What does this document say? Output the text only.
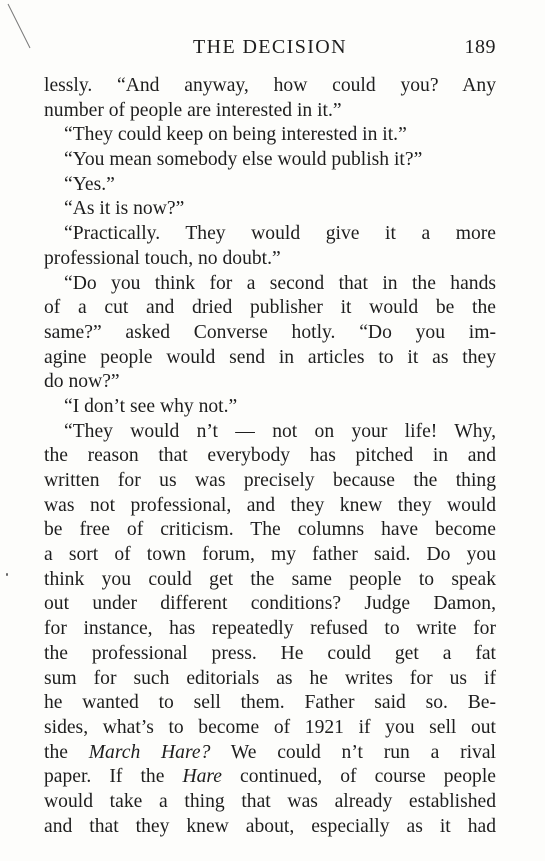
THE DECISION	189
lessly. “And anyway, how could you? Any
number of people are interested in it.”
“They could keep on being interested in it.”
“You mean somebody else would publish it?”
“Yes.”
“As it is now?”
“Practically. They would give it a more
professional touch, no doubt.”
“Do you think for a second that in the hands
of a cut and dried publisher it would be the
same?” asked Converse hotly. “Do you im-
agine people would send in articles to it as they
do now?”
“I don’t see why not.”
“They would n’t — not on your life! Why,
the reason that everybody has pitched in and
written for us was precisely because the thing
was not professional, and they knew they would
be free of criticism. The columns have become
a sort of town forum, my father said. Do you
think you could get the same people to speak
out under different conditions? Judge Damon,
for instance, has repeatedly refused to write for
the professional press. He could get a fat
sum for such editorials as he writes for us if
he wanted to sell them. Father said so. Be-
sides, what’s to become of 1921 if you sell out
the March Hare? We could n’t run a rival
paper. If the Hare continued, of course people
would take a thing that was already established
and that they knew about, especially as it had
